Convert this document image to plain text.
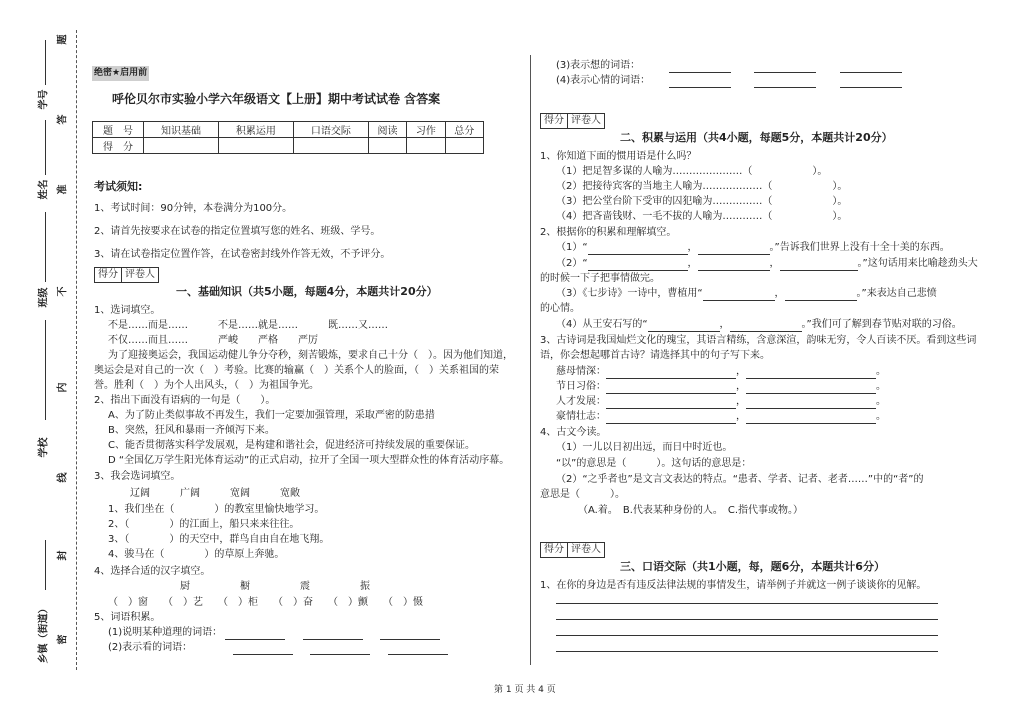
题
学号
答
姓名 准
班级 不
内
学校
线
封
乡镇（街道） 密
绝密★启用前
呼伦贝尔市实验小学六年级语文【上册】期中考试试卷 含答案
题　号	知识基础	积累运用	口语交际	阅读	习作	总分
得　分						
考试须知:
1、考试时间：90分钟，本卷满分为100分。
2、请首先按要求在试卷的指定位置填写您的姓名、班级、学号。
3、请在试卷指定位置作答，在试卷密封线外作答无效，不予评分。
得分 评卷人
一、基础知识（共5小题，每题4分，本题共计20分）
1、选词填空。
不是……而是……　　　不是……就是……　　　既……又……
不仅……而且……　　　严峻　　严格　　严厉
为了迎接奥运会，我国运动健儿争分夺秒，刻苦锻炼，要求自己十分（　）。因为他们知道，
奥运会是对自己的一次（　）考验。比赛的输赢（　）关系个人的脸面，（　）关系祖国的荣
誉。胜利（　）为个人出风头，（　）为祖国争光。
2、指出下面没有语病的一句是（　　）。
A、为了防止类似事故不再发生，我们一定要加强管理，采取严密的防患措
B、突然，狂风和暴雨一齐倾泻下来。
C、能否贯彻落实科学发展观，是构建和谐社会，促进经济可持续发展的重要保证。
D “全国亿万学生阳光体育运动”的正式启动，拉开了全国一项大型群众性的体育活动序幕。
3、我会选词填空。
辽阔　　　广阔　　　宽阔　　　宽敞
1、我们坐在（　　　　）的教室里愉快地学习。
2、（　　　　）的江面上，船只来来往往。
3、（　　　　）的天空中，群鸟自由自在地飞翔。
4、骏马在（　　　　）的草原上奔驰。
4、选择合适的汉字填空。
厨　　　　　橱　　　　　震　　　　　振
（　）窗　　（　）艺　　（　）柜　　（　）奋　　（　）颤　　（　）慑
5、词语积累。
(1)说明某种道理的词语：
(2)表示看的词语：
(3)表示想的词语：
(4)表示心情的词语：
得分 评卷人
二、积累与运用（共4小题，每题5分，本题共计20分）
1、你知道下面的惯用语是什么吗？
（1）把足智多谋的人喻为…………………（　　　　　　）。
（2）把接待宾客的当地主人喻为………………（　　　　　　）。
（3）把公堂台阶下受审的囚犯喻为……………（　　　　　　）。
（4）把吝啬钱财、一毛不拔的人喻为…………（　　　　　　）。
2、根据你的积累和理解填空。
（1）“	，	。”告诉我们世界上没有十全十美的东西。
（2）“	，	，	。”这句话用来比喻趁劲头大
的时候一下子把事情做完。
（3）《七步诗》一诗中，曹植用“	，	。”来表达自己悲愤
的心情。
（4）从王安石写的“	，	。”我们可了解到春节贴对联的习俗。
3、古诗词是我国灿烂文化的瑰宝，其语言精练，含意深渲，韵味无穷，令人百读不厌。看到这些词
语，你会想起哪首古诗？请选择其中的句子写下来。
慈母情深：	，	。
节日习俗：	，	。
人才发展：	，	。
豪情壮志：	，	。
4、古文今读。
（1）一儿以日初出远，而日中时近也。
“以”的意思是（　　　）。这句话的意思是：
（2）“之乎者也”是文言文表达的特点。“患者、学者、记者、老者……”中的“者”的
意思是（　　　）。
（A.着。　B.代表某种身份的人。　C.指代事或物。）
得分 评卷人
三、口语交际（共1小题，每，题6分，本题共计6分）
1、在你的身边是否有违反法律法规的事情发生，请举例子并就这一例子谈谈你的见解。
第 1 页 共 4 页
